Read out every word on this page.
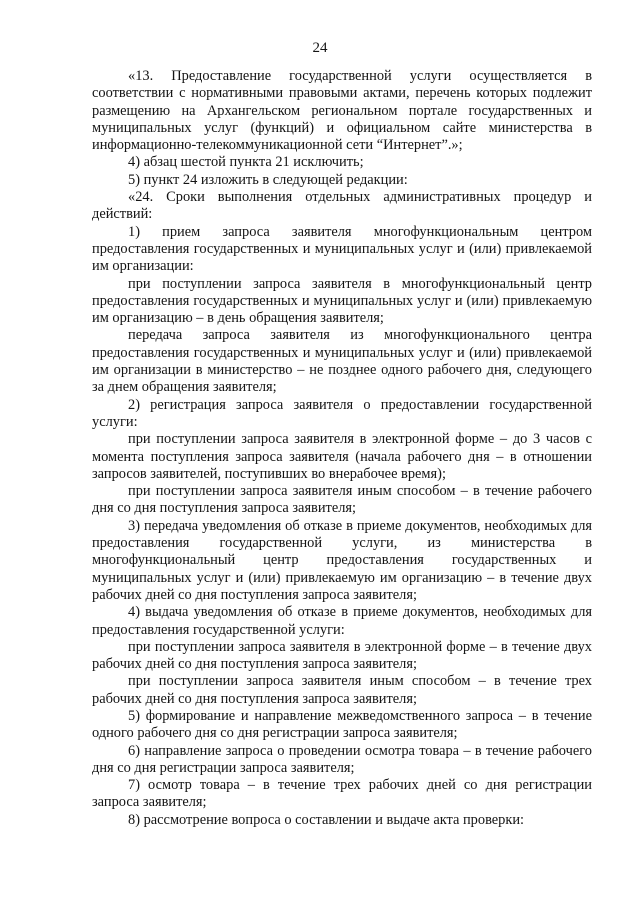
24

«13. Предоставление государственной услуги осуществляется в соответствии с нормативными правовыми актами, перечень которых подлежит размещению на Архангельском региональном портале государственных и муниципальных услуг (функций) и официальном сайте министерства в информационно-телекоммуникационной сети “Интернет”.»;

4) абзац шестой пункта 21 исключить;

5) пункт 24 изложить в следующей редакции:

«24. Сроки выполнения отдельных административных процедур и действий:

1) прием запроса заявителя многофункциональным центром предоставления государственных и муниципальных услуг и (или) привлекаемой им организации:

при поступлении запроса заявителя в многофункциональный центр предоставления государственных и муниципальных услуг и (или) привлекаемую им организацию – в день обращения заявителя;

передача запроса заявителя из многофункционального центра предоставления государственных и муниципальных услуг и (или) привлекаемой им организации в министерство – не позднее одного рабочего дня, следующего за днем обращения заявителя;

2) регистрация запроса заявителя о предоставлении государственной услуги:

при поступлении запроса заявителя в электронной форме – до 3 часов с момента поступления запроса заявителя (начала рабочего дня – в отношении запросов заявителей, поступивших во внерабочее время);

при поступлении запроса заявителя иным способом – в течение рабочего дня со дня поступления запроса заявителя;

3) передача уведомления об отказе в приеме документов, необходимых для предоставления государственной услуги, из министерства в многофункциональный центр предоставления государственных и муниципальных услуг и (или) привлекаемую им организацию – в течение двух рабочих дней со дня поступления запроса заявителя;

4) выдача уведомления об отказе в приеме документов, необходимых для предоставления государственной услуги:

при поступлении запроса заявителя в электронной форме – в течение двух рабочих дней со дня поступления запроса заявителя;

при поступлении запроса заявителя иным способом – в течение трех рабочих дней со дня поступления запроса заявителя;

5) формирование и направление межведомственного запроса – в течение одного рабочего дня со дня регистрации запроса заявителя;

6) направление запроса о проведении осмотра товара – в течение рабочего дня со дня регистрации запроса заявителя;

7) осмотр товара – в течение трех рабочих дней со дня регистрации запроса заявителя;

8) рассмотрение вопроса о составлении и выдаче акта проверки:
